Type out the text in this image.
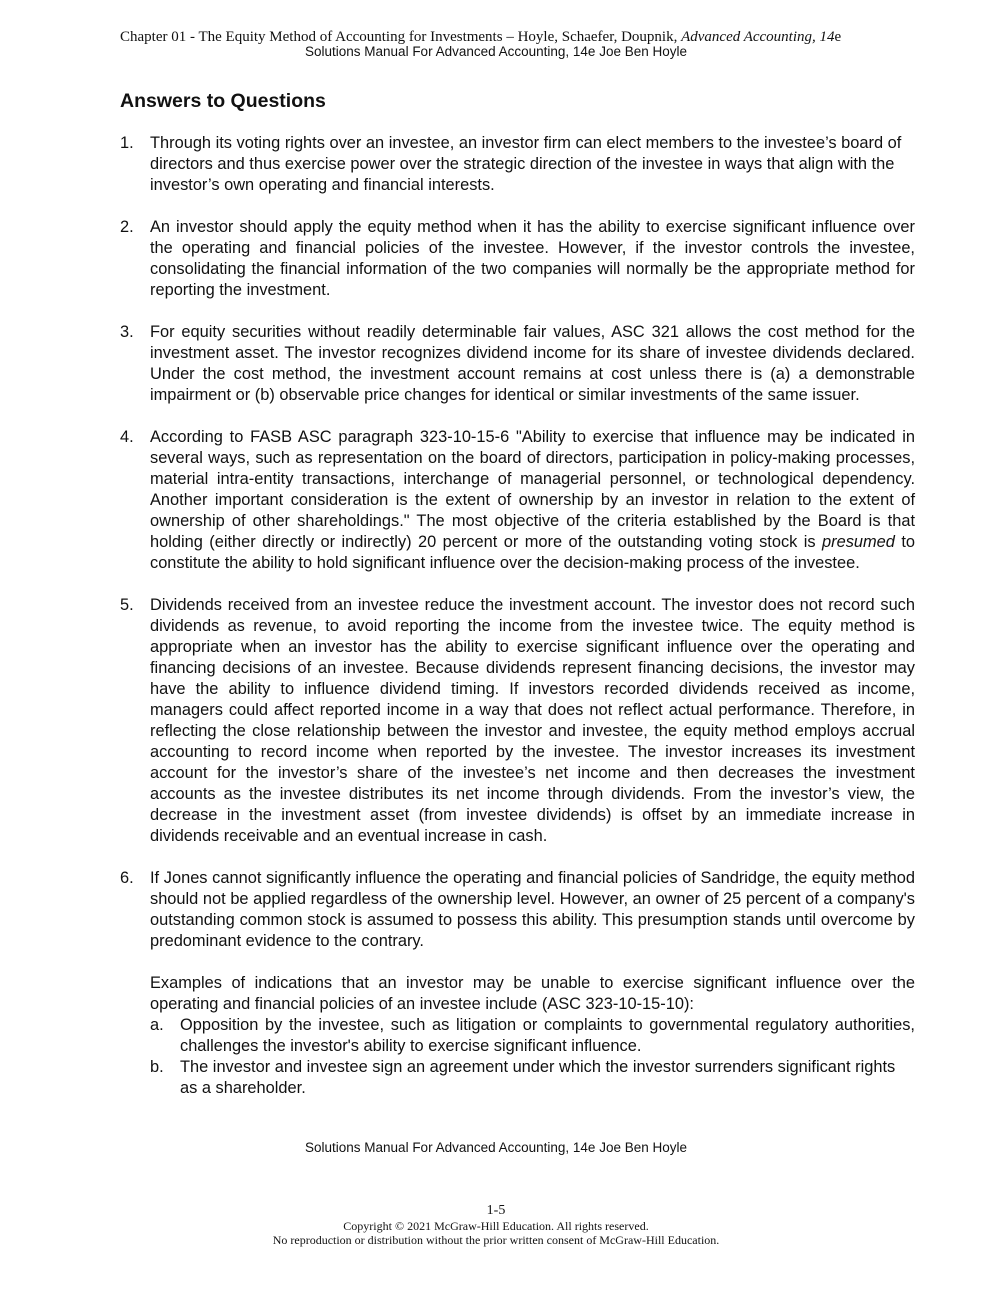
Chapter 01 - The Equity Method of Accounting for Investments – Hoyle, Schaefer, Doupnik, Advanced Accounting, 14e
Solutions Manual For Advanced Accounting, 14e Joe Ben Hoyle
Answers to Questions
1. Through its voting rights over an investee, an investor firm can elect members to the investee’s board of directors and thus exercise power over the strategic direction of the investee in ways that align with the investor’s own operating and financial interests.
2. An investor should apply the equity method when it has the ability to exercise significant influence over the operating and financial policies of the investee. However, if the investor controls the investee, consolidating the financial information of the two companies will normally be the appropriate method for reporting the investment.
3. For equity securities without readily determinable fair values, ASC 321 allows the cost method for the investment asset. The investor recognizes dividend income for its share of investee dividends declared. Under the cost method, the investment account remains at cost unless there is (a) a demonstrable impairment or (b) observable price changes for identical or similar investments of the same issuer.
4. According to FASB ASC paragraph 323-10-15-6 "Ability to exercise that influence may be indicated in several ways, such as representation on the board of directors, participation in policy-making processes, material intra-entity transactions, interchange of managerial personnel, or technological dependency. Another important consideration is the extent of ownership by an investor in relation to the extent of ownership of other shareholdings." The most objective of the criteria established by the Board is that holding (either directly or indirectly) 20 percent or more of the outstanding voting stock is presumed to constitute the ability to hold significant influence over the decision-making process of the investee.
5. Dividends received from an investee reduce the investment account. The investor does not record such dividends as revenue, to avoid reporting the income from the investee twice. The equity method is appropriate when an investor has the ability to exercise significant influence over the operating and financing decisions of an investee. Because dividends represent financing decisions, the investor may have the ability to influence dividend timing. If investors recorded dividends received as income, managers could affect reported income in a way that does not reflect actual performance. Therefore, in reflecting the close relationship between the investor and investee, the equity method employs accrual accounting to record income when reported by the investee. The investor increases its investment account for the investor’s share of the investee’s net income and then decreases the investment accounts as the investee distributes its net income through dividends. From the investor’s view, the decrease in the investment asset (from investee dividends) is offset by an immediate increase in dividends receivable and an eventual increase in cash.
6. If Jones cannot significantly influence the operating and financial policies of Sandridge, the equity method should not be applied regardless of the ownership level. However, an owner of 25 percent of a company's outstanding common stock is assumed to possess this ability. This presumption stands until overcome by predominant evidence to the contrary.
Examples of indications that an investor may be unable to exercise significant influence over the operating and financial policies of an investee include (ASC 323-10-15-10):
a. Opposition by the investee, such as litigation or complaints to governmental regulatory authorities, challenges the investor's ability to exercise significant influence.
b. The investor and investee sign an agreement under which the investor surrenders significant rights as a shareholder.
Solutions Manual For Advanced Accounting, 14e Joe Ben Hoyle
1-5
Copyright © 2021 McGraw-Hill Education. All rights reserved.
No reproduction or distribution without the prior written consent of McGraw-Hill Education.
